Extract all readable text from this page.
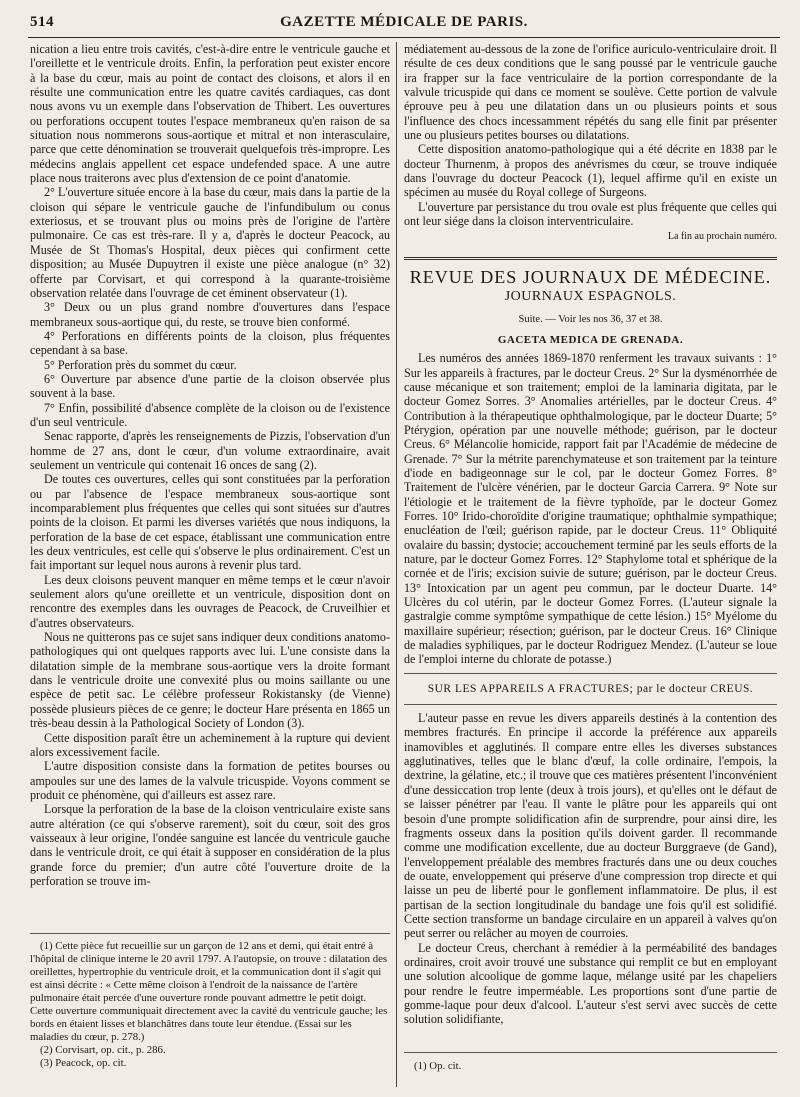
514	GAZETTE MÉDICALE DE PARIS.

nication a lieu entre trois cavités, c'est-à-dire entre le ventricule gauche et l'oreillette et le ventricule droits. Enfin, la perforation peut exister encore à la base du cœur, mais au point de contact des cloisons, et alors il en résulte une communication entre les quatre cavités cardiaques, cas dont nous avons vu un exemple dans l'observation de Thibert. Les ouvertures ou perforations occupent toutes l'espace membraneux qu'en raison de sa situation nous nommerons sous-aortique et mitral et non interasculaire, parce que cette dénomination se trouverait quelquefois très-impropre. Les médecins anglais appellent cet espace undefended space. A une autre place nous traiterons avec plus d'extension de ce point d'anatomie.

2° L'ouverture située encore à la base du cœur, mais dans la partie de la cloison qui sépare le ventricule gauche de l'infundibulum ou conus exteriosus, et se trouvant plus ou moins près de l'origine de l'artère pulmonaire. Ce cas est très-rare. Il y a, d'après le docteur Peacock, au Musée de St Thomas's Hospital, deux pièces qui confirment cette disposition; au Musée Dupuytren il existe une pièce analogue (n° 32) offerte par Corvisart, et qui correspond à la quarante-troisième observation relatée dans l'ouvrage de cet éminent observateur (1).

3° Deux ou un plus grand nombre d'ouvertures dans l'espace membraneux sous-aortique qui, du reste, se trouve bien conformé.

4° Perforations en différents points de la cloison, plus fréquentes cependant à sa base.

5° Perforation près du sommet du cœur.

6° Ouverture par absence d'une partie de la cloison observée plus souvent à la base.

7° Enfin, possibilité d'absence complète de la cloison ou de l'existence d'un seul ventricule.

Senac rapporte, d'après les renseignements de Pizzis, l'observation d'un homme de 27 ans, dont le cœur, d'un volume extraordinaire, avait seulement un ventricule qui contenait 16 onces de sang (2).

De toutes ces ouvertures, celles qui sont constituées par la perforation ou par l'absence de l'espace membraneux sous-aortique sont incomparablement plus fréquentes que celles qui sont situées sur d'autres points de la cloison. Et parmi les diverses variétés que nous indiquons, la perforation de la base de cet espace, établissant une communication entre les deux ventricules, est celle qui s'observe le plus ordinairement. C'est un fait important sur lequel nous aurons à revenir plus tard.

Les deux cloisons peuvent manquer en même temps et le cœur n'avoir seulement alors qu'une oreillette et un ventricule, disposition dont on rencontre des exemples dans les ouvrages de Peacock, de Cruveilhier et d'autres observateurs.

Nous ne quitterons pas ce sujet sans indiquer deux conditions anatomo-pathologiques qui ont quelques rapports avec lui. L'une consiste dans la dilatation simple de la membrane sous-aortique vers la droite formant dans le ventricule droite une convexité plus ou moins saillante ou une espèce de petit sac. Le célèbre professeur Rokistansky (de Vienne) possède plusieurs pièces de ce genre; le docteur Hare présenta en 1865 un très-beau dessin à la Pathological Society of London (3).

Cette disposition paraît être un acheminement à la rupture qui devient alors excessivement facile.

L'autre disposition consiste dans la formation de petites bourses ou ampoules sur une des lames de la valvule tricuspide. Voyons comment se produit ce phénomène, qui d'ailleurs est assez rare.

Lorsque la perforation de la base de la cloison ventriculaire existe sans autre altération (ce qui s'observe rarement), soit du cœur, soit des gros vaisseaux à leur origine, l'ondée sanguine est lancée du ventricule gauche dans le ventricule droit, ce qui était à supposer en considération de la plus grande force du premier; d'un autre côté l'ouverture droite de la perforation se trouve im-

(1) Cette pièce fut recueillie sur un garçon de 12 ans et demi, qui était entré à l'hôpital de clinique interne le 20 avril 1797. A l'autopsie, on trouve : dilatation des oreillettes, hypertrophie du ventricule droit, et la communication dont il s'agit qui est ainsi décrite : « Cette même cloison à l'endroit de la naissance de l'artère pulmonaire était percée d'une ouverture ronde pouvant admettre le petit doigt. Cette ouverture communiquait directement avec la cavité du ventricule gauche; les bords en étaient lisses et blanchâtres dans toute leur étendue. (Essai sur les maladies du cœur, p. 278.)

(2) Corvisart, op. cit., p. 286.

(3) Peacock, op. cit.

médiatement au-dessous de la zone de l'orifice auriculo-ventriculaire droit. Il résulte de ces deux conditions que le sang poussé par le ventricule gauche ira frapper sur la face ventriculaire de la portion correspondante de la valvule tricuspide qui dans ce moment se soulève. Cette portion de valvule éprouve peu à peu une dilatation dans un ou plusieurs points et sous l'influence des chocs incessamment répétés du sang elle finit par présenter une ou plusieurs petites bourses ou dilatations.

Cette disposition anatomo-pathologique qui a été décrite en 1838 par le docteur Thurnenm, à propos des anévrismes du cœur, se trouve indiquée dans l'ouvrage du docteur Peacock (1), lequel affirme qu'il en existe un spécimen au musée du Royal college of Surgeons.

L'ouverture par persistance du trou ovale est plus fréquente que celles qui ont leur siége dans la cloison interventriculaire.

La fin au prochain numéro.
REVUE DES JOURNAUX DE MÉDECINE.
JOURNAUX ESPAGNOLS.
Suite. — Voir les nos 36, 37 et 38.
GACETA MEDICA DE GRENADA.

Les numéros des années 1869-1870 renferment les travaux suivants : 1° Sur les appareils à fractures, par le docteur Creus. 2° Sur la dysménorrhée de cause mécanique et son traitement; emploi de la laminaria digitata, par le docteur Gomez Sorres. 3° Anomalies artérielles, par le docteur Creus. 4° Contribution à la thérapeutique ophthalmologique, par le docteur Duarte; 5° Ptérygion, opération par une nouvelle méthode; guérison, par le docteur Creus. 6° Mélancolie homicide, rapport fait par l'Académie de médecine de Grenade. 7° Sur la métrite parenchymateuse et son traitement par la teinture d'iode en badigeonnage sur le col, par le docteur Gomez Forres. 8° Traitement de l'ulcère vénérien, par le docteur Garcia Carrera. 9° Note sur l'étiologie et le traitement de la fièvre typhoïde, par le docteur Gomez Forres. 10° Irido-choroïdite d'origine traumatique; ophthalmie sympathique; enucléation de l'œil; guérison rapide, par le docteur Creus. 11° Obliquité ovalaire du bassin; dystocie; accouchement terminé par les seuls efforts de la nature, par le docteur Gomez Forres. 12° Staphylome total et sphérique de la cornée et de l'iris; excision suivie de suture; guérison, par le docteur Creus. 13° Intoxication par un agent peu commun, par le docteur Duarte. 14° Ulcères du col utérin, par le docteur Gomez Forres. (L'auteur signale la gastralgie comme symptôme sympathique de cette lésion.) 15° Myélome du maxillaire supérieur; résection; guérison, par le docteur Creus. 16° Clinique de maladies syphiliques, par le docteur Rodriguez Mendez. (L'auteur se loue de l'emploi interne du chlorate de potasse.)

SUR LES APPAREILS A FRACTURES; par le docteur CREUS.

L'auteur passe en revue les divers appareils destinés à la contention des membres fracturés. En principe il accorde la préférence aux appareils inamovibles et agglutinés. Il compare entre elles les diverses substances agglutinatives, telles que le blanc d'œuf, la colle ordinaire, l'empois, la dextrine, la gélatine, etc.; il trouve que ces matières présentent l'inconvénient d'une dessiccation trop lente (deux à trois jours), et qu'elles ont le défaut de se laisser pénétrer par l'eau. Il vante le plâtre pour les appareils qui ont besoin d'une prompte solidification afin de surprendre, pour ainsi dire, les fragments osseux dans la position qu'ils doivent garder. Il recommande comme une modification excellente, due au docteur Burggraeve (de Gand), l'enveloppement préalable des membres fracturés dans une ou deux couches de ouate, enveloppement qui préserve d'une compression trop directe et qui laisse un peu de liberté pour le gonflement inflammatoire. De plus, il est partisan de la section longitudinale du bandage une fois qu'il est solidifié. Cette section transforme un bandage circulaire en un appareil à valves qu'on peut serrer ou relâcher au moyen de courroies.

Le docteur Creus, cherchant à remédier à la perméabilité des bandages ordinaires, croit avoir trouvé une substance qui remplit ce but en employant une solution alcoolique de gomme laque, mélange usité par les chapeliers pour rendre le feutre imperméable. Les proportions sont d'une partie de gomme-laque pour deux d'alcool. L'auteur s'est servi avec succès de cette solution solidifiante,

(1) Op. cit.
